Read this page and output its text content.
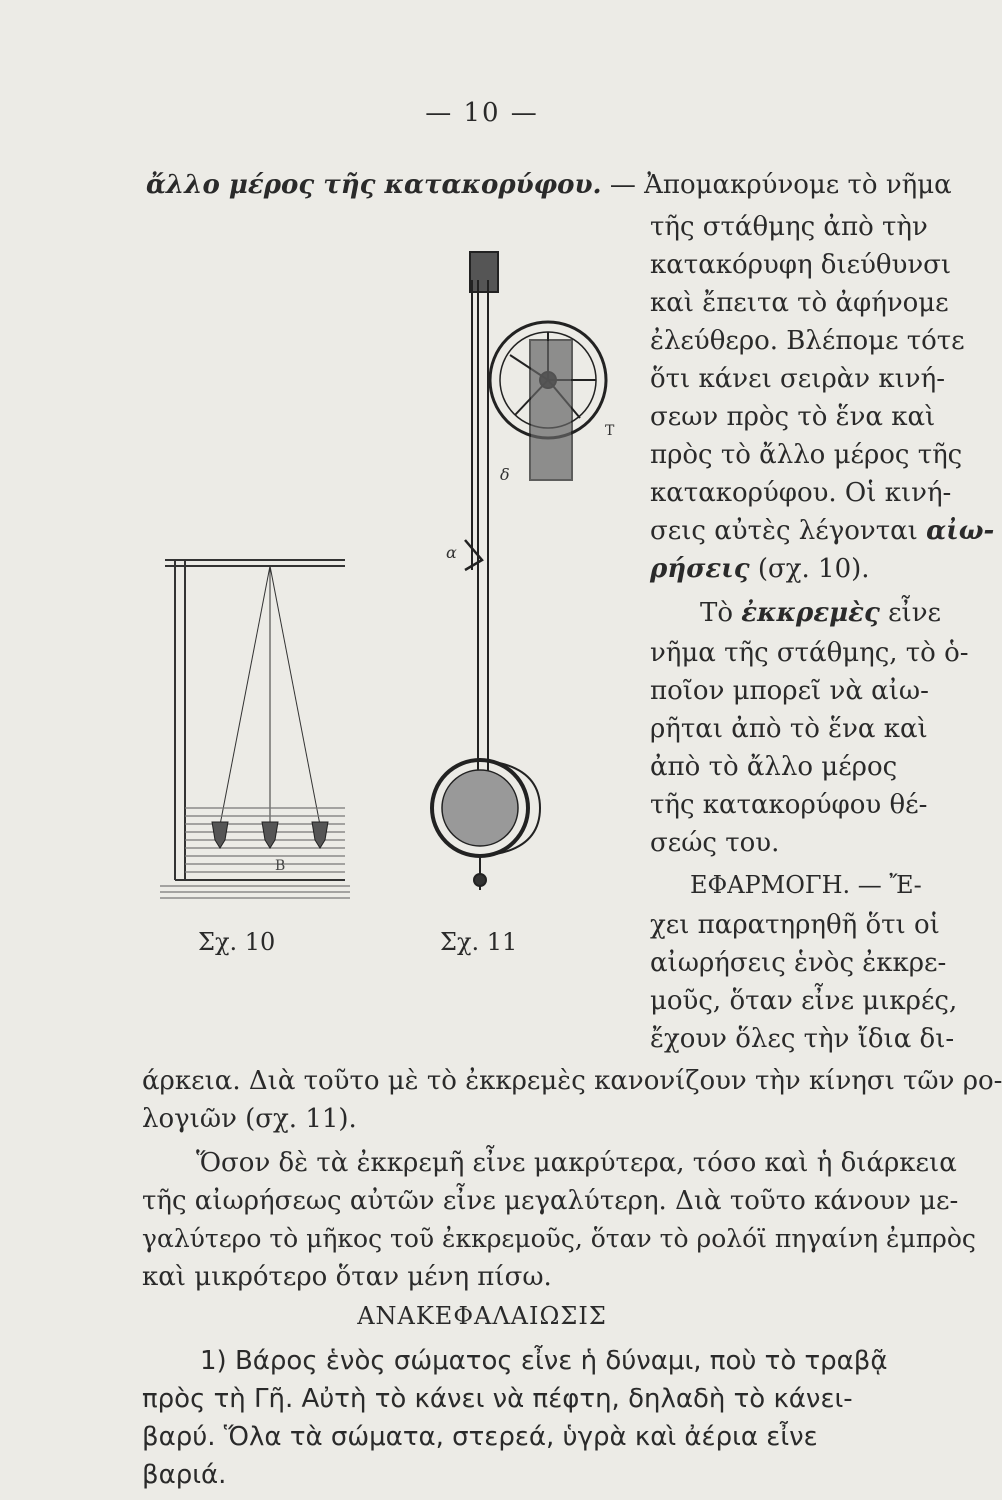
— 10 —
ἄλλο μέρος τῆς κατακορύφου. — Ἀπομακρύνομε τὸ νῆμα
τῆς στάθμης ἀπὸ τὴν
κατακόρυφη διεύθυνσι
καὶ ἔπειτα τὸ ἀφήνομε
ἐλεύθερο. Βλέπομε τότε
ὅτι κάνει σειρὰν κινή-
σεων πρὸς τὸ ἕνα καὶ
πρὸς τὸ ἄλλο μέρος τῆς
κατακορύφου. Οἱ κινή-
σεις αὐτὲς λέγονται αἰω-
ρήσεις (σχ. 10).
Τὸ ἐκκρεμὲς εἶνε
νῆμα τῆς στάθμης, τὸ ὁ-
ποῖον μπορεῖ νὰ αἰω-
ρῆται ἀπὸ τὸ ἕνα καὶ
ἀπὸ τὸ ἄλλο μέρος
τῆς κατακορύφου θέ-
σεώς του.
ΕΦΑΡΜΟΓΗ. — Ἔ-
χει παρατηρηθῆ ὅτι οἱ
αἰωρήσεις ἑνὸς ἐκκρε-
μοῦς, ὅταν εἶνε μικρές,
ἔχουν ὅλες τὴν ἴδια δι-
άρκεια. Διὰ τοῦτο μὲ τὸ ἐκκρεμὲς κανονίζουν τὴν κίνησι τῶν ρο-
λογιῶν (σχ. 11).
Ὅσον δὲ τὰ ἐκκρεμῆ εἶνε μακρύτερα, τόσο καὶ ἡ διάρκεια
τῆς αἰωρήσεως αὐτῶν εἶνε μεγαλύτερη. Διὰ τοῦτο κάνουν με-
γαλύτερο τὸ μῆκος τοῦ ἐκκρεμοῦς, ὅταν τὸ ρολόϊ πηγαίνη ἐμπρὸς
καὶ μικρότερο ὅταν μένη πίσω.
ΑΝΑΚΕΦΑΛΑΙΩΣΙΣ
1) Βάρος ἑνὸς σώματος εἶνε ἡ δύναμι, ποὺ τὸ τραβᾷ
πρὸς τὴ Γῆ. Αὐτὴ τὸ κάνει νὰ πέφτη, δηλαδὴ τὸ κάνει-
βαρύ. Ὅλα τὰ σώματα, στερεά, ὑγρὰ καὶ ἀέρια εἶνε
βαριά.
Β
Σχ. 10
δ
α
Τ
Σχ. 11
